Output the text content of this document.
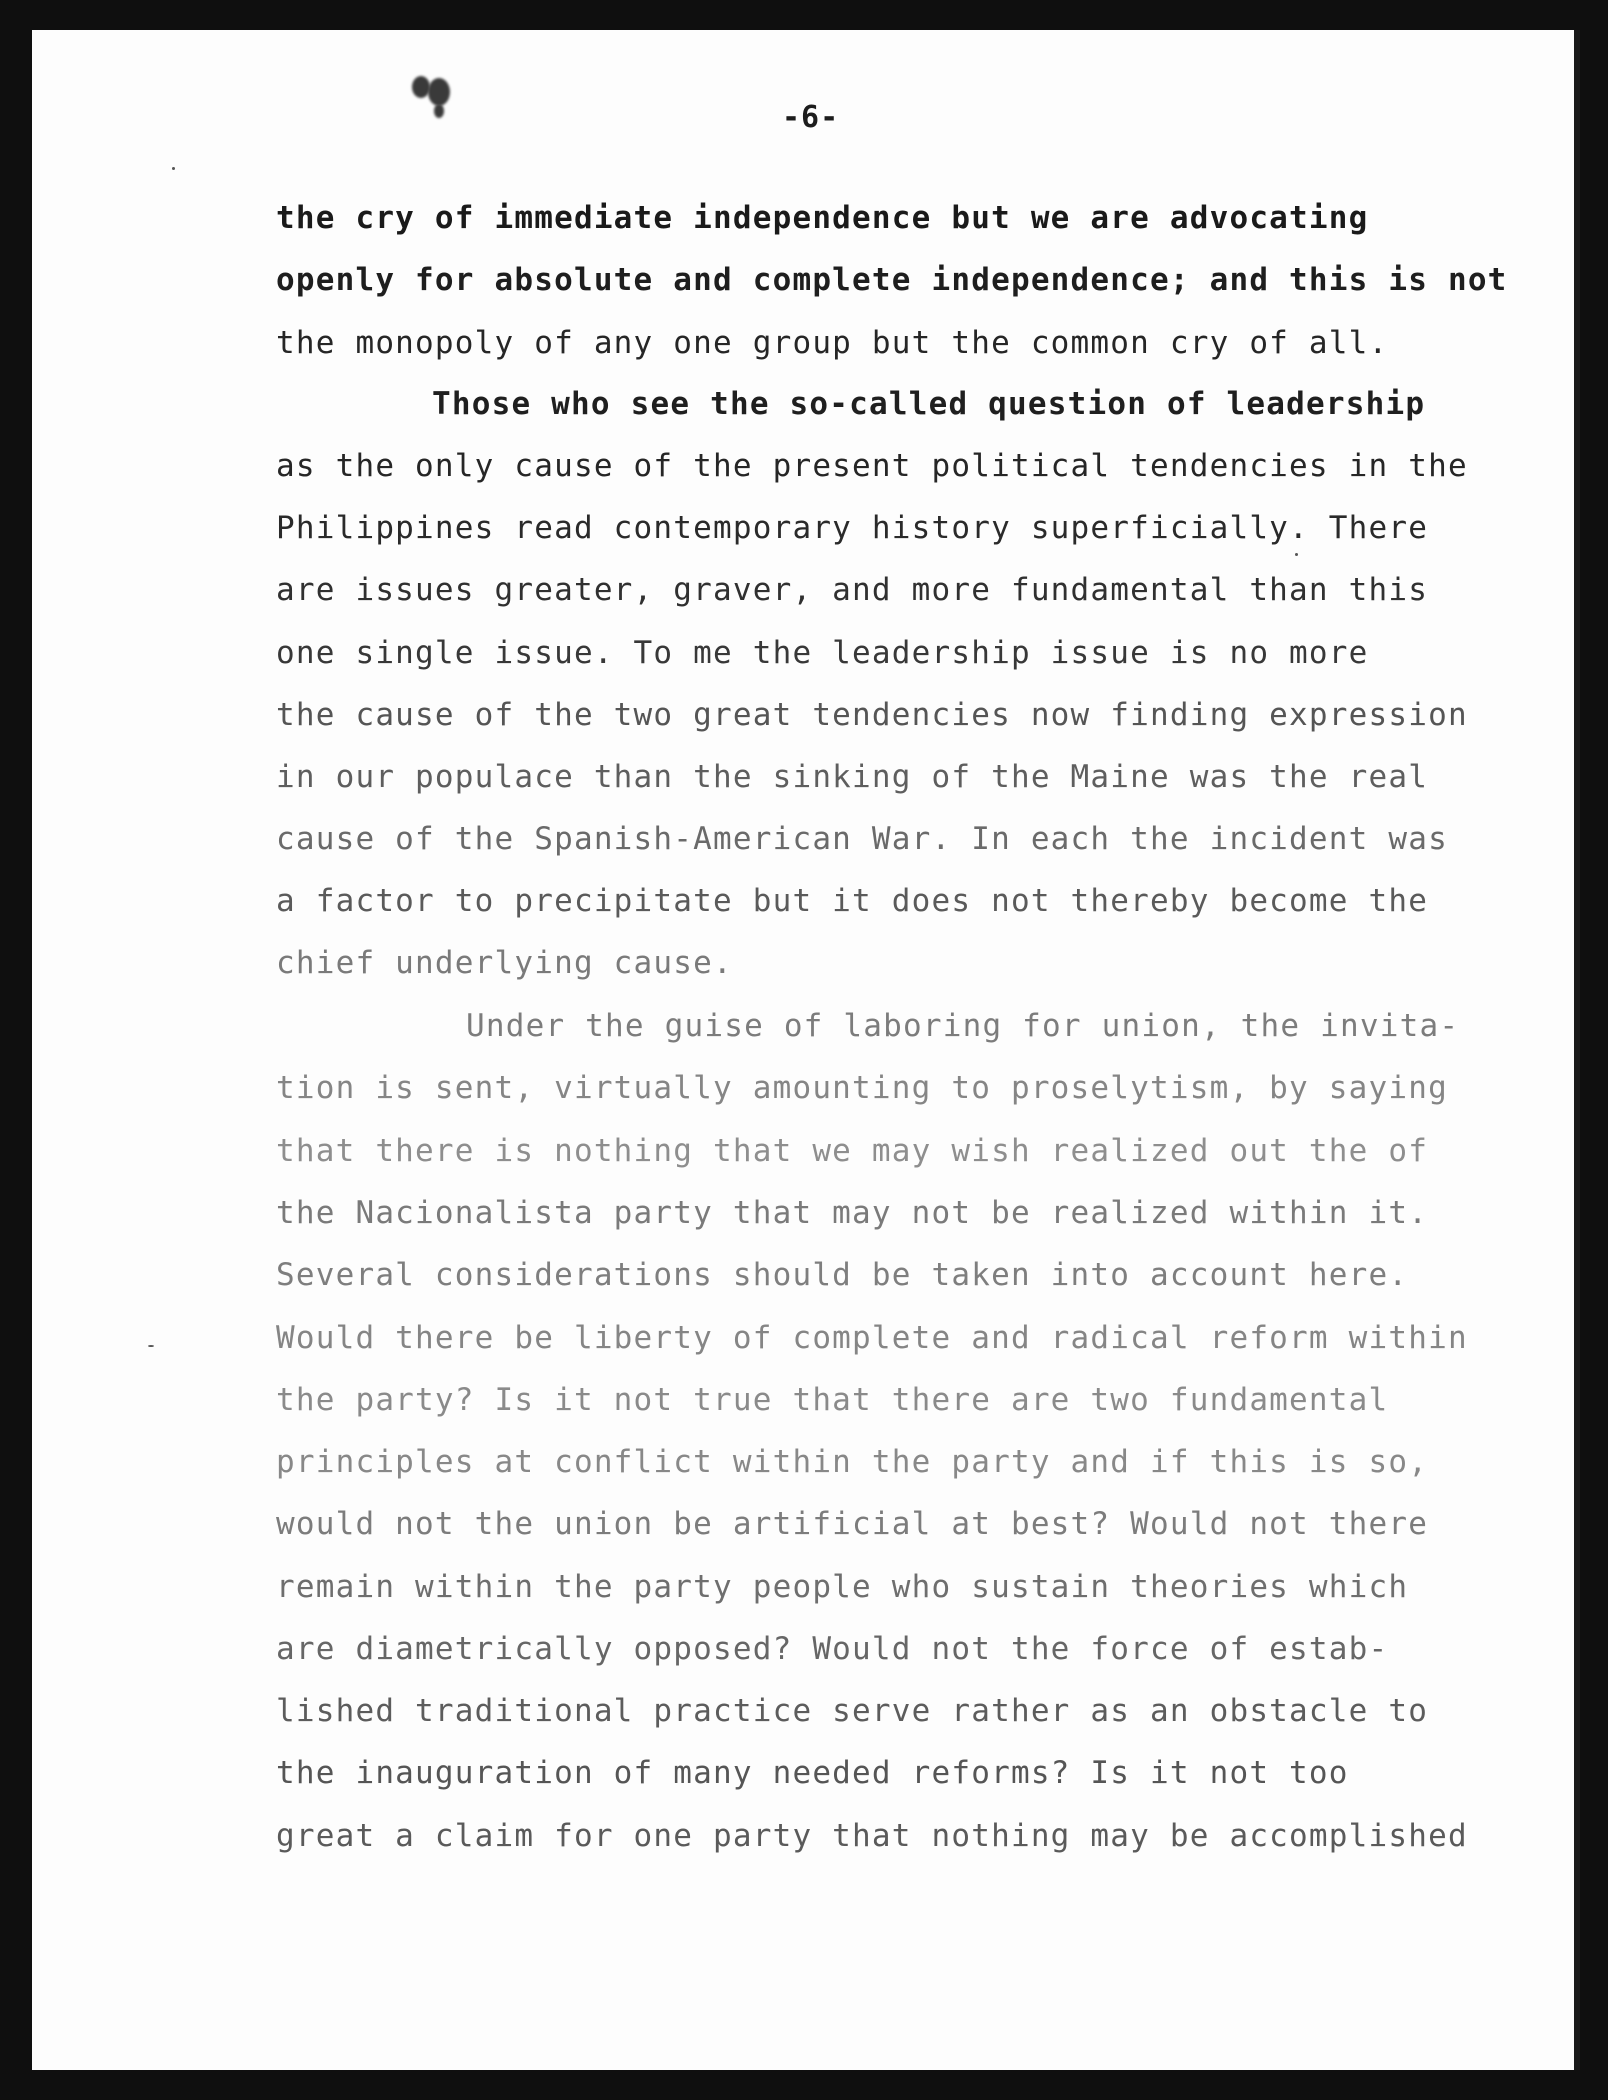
-6-
the cry of immediate independence but we are advocating
openly for absolute and complete independence; and this is not
the monopoly of any one group but the common cry of all.
Those who see the so-called question of leadership
as the only cause of the present political tendencies in the
Philippines read contemporary history superficially. There
are issues greater, graver, and more fundamental than this
one single issue. To me the leadership issue is no more
the cause of the two great tendencies now finding expression
in our populace than the sinking of the Maine was the real
cause of the Spanish-American War. In each the incident was
a factor to precipitate but it does not thereby become the
chief underlying cause.
Under the guise of laboring for union, the invita-
tion is sent, virtually amounting to proselytism, by saying
that there is nothing that we may wish realized out the of
the Nacionalista party that may not be realized within it.
Several considerations should be taken into account here.
Would there be liberty of complete and radical reform within
the party? Is it not true that there are two fundamental
principles at conflict within the party and if this is so,
would not the union be artificial at best? Would not there
remain within the party people who sustain theories which
are diametrically opposed? Would not the force of estab-
lished traditional practice serve rather as an obstacle to
the inauguration of many needed reforms? Is it not too
great a claim for one party that nothing may be accomplished
